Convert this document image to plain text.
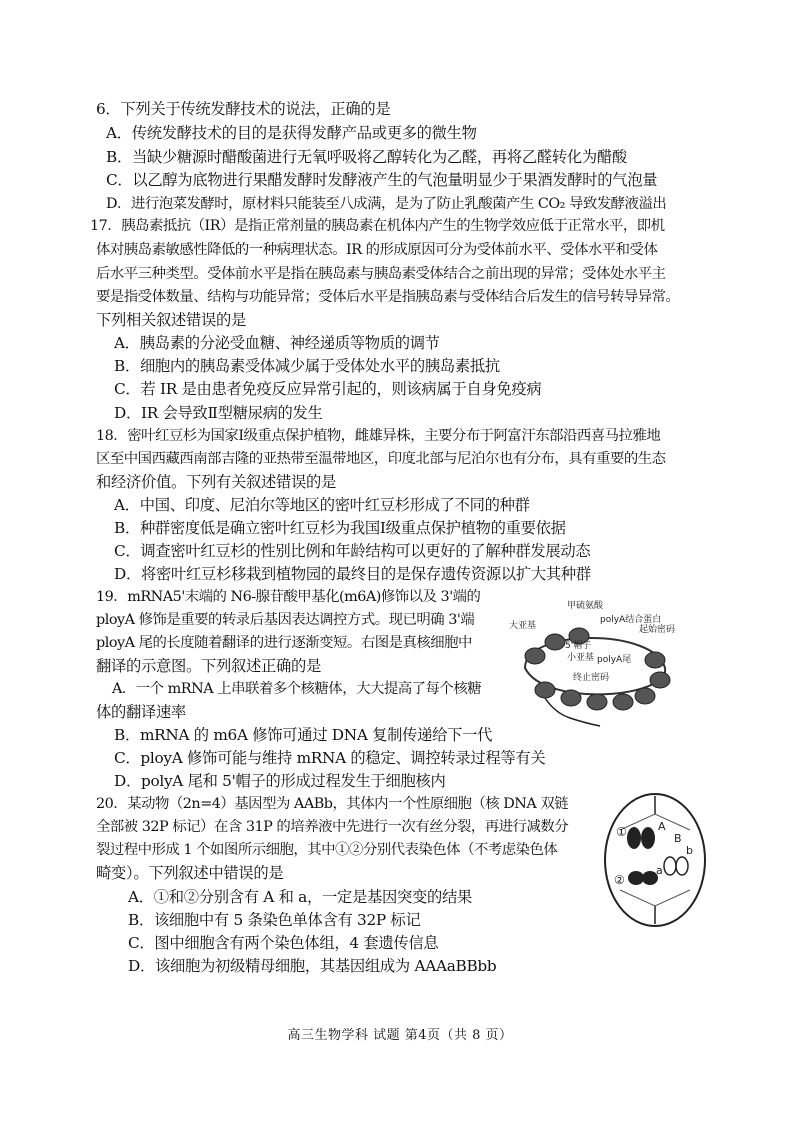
6．下列关于传统发酵技术的说法，正确的是
A．传统发酵技术的目的是获得发酵产品或更多的微生物
B．当缺少糖源时醋酸菌进行无氧呼吸将乙醇转化为乙醛，再将乙醛转化为醋酸
C．以乙醇为底物进行果醋发酵时发酵液产生的气泡量明显少于果酒发酵时的气泡量
D．进行泡菜发酵时，原材料只能装至八成满，是为了防止乳酸菌产生 CO₂ 导致发酵液溢出
17．胰岛素抵抗（IR）是指正常剂量的胰岛素在机体内产生的生物学效应低于正常水平，即机
体对胰岛素敏感性降低的一种病理状态。IR 的形成原因可分为受体前水平、受体水平和受体
后水平三种类型。受体前水平是指在胰岛素与胰岛素受体结合之前出现的异常；受体处水平主
要是指受体数量、结构与功能异常；受体后水平是指胰岛素与受体结合后发生的信号转导异常。
下列相关叙述错误的是
A．胰岛素的分泌受血糖、神经递质等物质的调节
B．细胞内的胰岛素受体减少属于受体处水平的胰岛素抵抗
C．若 IR 是由患者免疫反应异常引起的，则该病属于自身免疫病
D．IR 会导致Ⅱ型糖尿病的发生
18．密叶红豆杉为国家Ⅰ级重点保护植物，雌雄异株，主要分布于阿富汗东部沿西喜马拉雅地
区至中国西藏西南部吉隆的亚热带至温带地区，印度北部与尼泊尔也有分布，具有重要的生态
和经济价值。下列有关叙述错误的是
A．中国、印度、尼泊尔等地区的密叶红豆杉形成了不同的种群
B．种群密度低是确立密叶红豆杉为我国Ⅰ级重点保护植物的重要依据
C．调查密叶红豆杉的性别比例和年龄结构可以更好的了解种群发展动态
D．将密叶红豆杉移栽到植物园的最终目的是保存遗传资源以扩大其种群
19．mRNA5'末端的 N6-腺苷酸甲基化(m6A)修饰以及 3'端的
ployA 修饰是重要的转录后基因表达调控方式。现已明确 3'端
ployA 尾的长度随着翻译的进行逐渐变短。右图是真核细胞中
翻译的示意图。下列叙述正确的是
A．一个 mRNA 上串联着多个核糖体，大大提高了每个核糖
体的翻译速率
B．mRNA 的 m6A 修饰可通过 DNA 复制传递给下一代
C．ployA 修饰可能与维持 mRNA 的稳定、调控转录过程等有关
D．polyA 尾和 5'帽子的形成过程发生于细胞核内
甲硫氨酸
大亚基
polyA结合蛋白
5'帽子
小亚基
起始密码
polyA尾
终止密码
20．某动物（2n=4）基因型为 AABb，其体内一个性原细胞（核 DNA 双链
全部被 32P 标记）在含 31P 的培养液中先进行一次有丝分裂，再进行减数分
裂过程中形成 1 个如图所示细胞，其中①②分别代表染色体（不考虑染色体
畸变）。下列叙述中错误的是
A．①和②分别含有 A 和 a，一定是基因突变的结果
B．该细胞中有 5 条染色单体含有 32P 标记
C．图中细胞含有两个染色体组，4 套遗传信息
D．该细胞为初级精母细胞，其基因组成为 AAAaBBbb
①
②
A
B
a
b
高三生物学科 试题 第4页（共 8 页）
